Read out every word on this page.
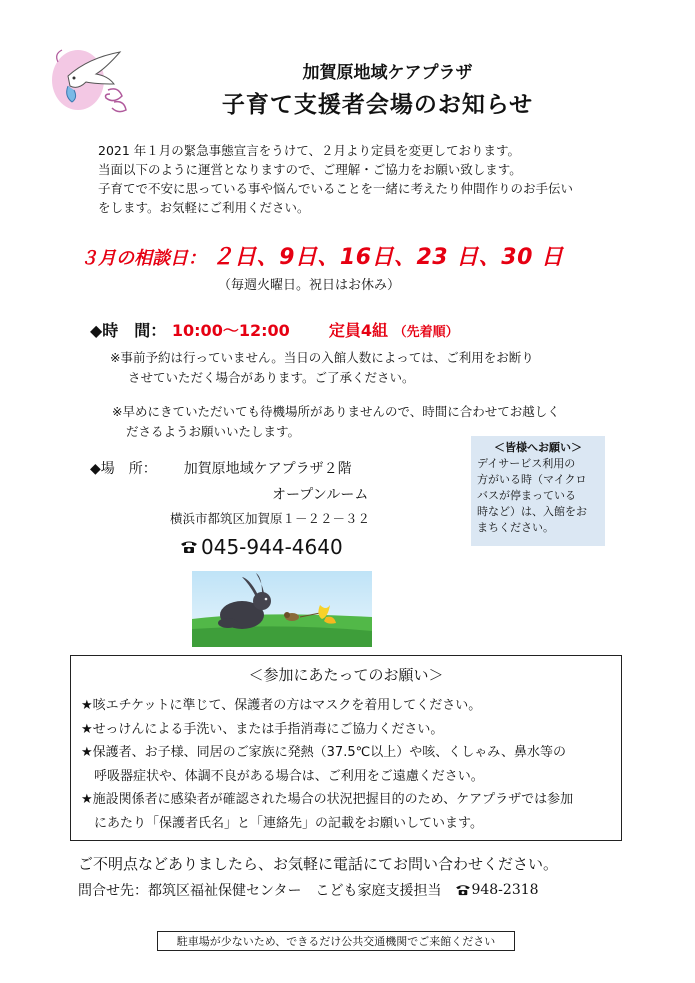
加賀原地域ケアプラザ
子育て支援者会場のお知らせ
2021 年１月の緊急事態宣言をうけて、２月より定員を変更しております。
当面以下のように運営となりますので、ご理解・ご協力をお願い致します。
子育てで不安に思っている事や悩んでいることを一緒に考えたり仲間作りのお手伝い
をします。お気軽にご利用ください。
３月の相談日： ２日、9日、16日、23 日、30 日
（毎週火曜日。祝日はお休み）
◆時　間： 10:00～12:00 定員4組 （先着順）
※事前予約は行っていません。当日の入館人数によっては、ご利用をお断り
させていただく場合があります。ご了承ください。
※早めにきていただいても待機場所がありませんので、時間に合わせてお越しく
ださるようお願いいたします。
◆場　所： 加賀原地域ケアプラザ２階
オープンルーム
横浜市都筑区加賀原１－２２－３２
045-944-4640
＜皆様へお願い＞
デイサービス利用の
方がいる時（マイクロ
バスが停まっている
時など）は、入館をお
まちください。
＜参加にあたってのお願い＞
★咳エチケットに準じて、保護者の方はマスクを着用してください。
★せっけんによる手洗い、または手指消毒にご協力ください。
★保護者、お子様、同居のご家族に発熱（37.5℃以上）や咳、くしゃみ、鼻水等の
呼吸器症状や、体調不良がある場合は、ご利用をご遠慮ください。
★施設関係者に感染者が確認された場合の状況把握目的のため、ケアプラザでは参加
にあたり「保護者氏名」と「連絡先」の記載をお願いしています。
ご不明点などありましたら、お気軽に電話にてお問い合わせください。
問合せ先：都筑区福祉保健センター　こども家庭支援担当 948-2318
駐車場が少ないため、できるだけ公共交通機関でご来館ください
